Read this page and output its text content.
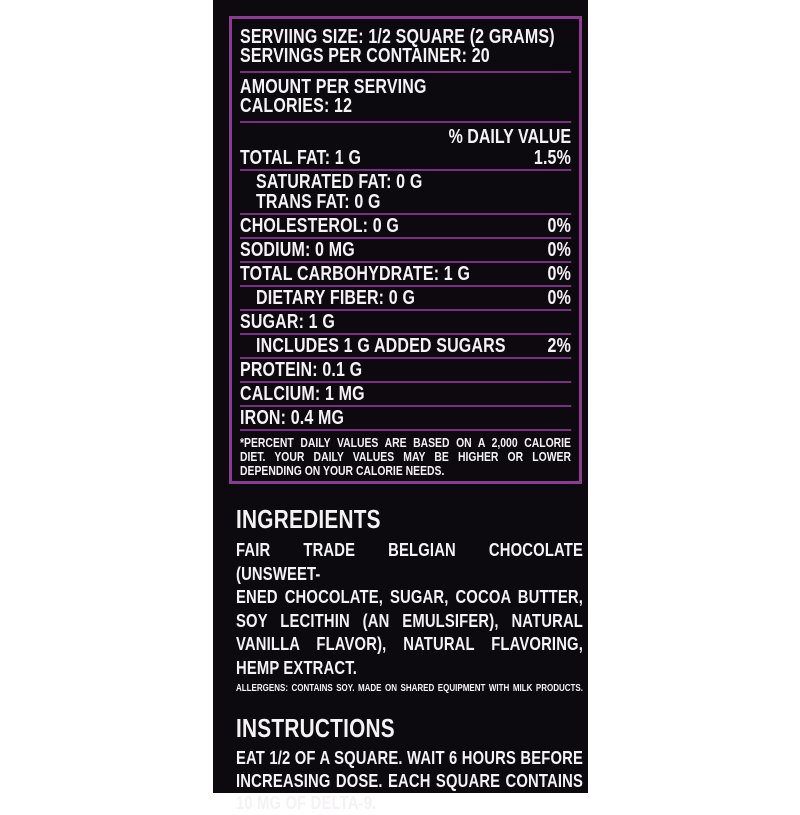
SERVIING SIZE: 1/2 SQUARE (2 GRAMS)
SERVINGS PER CONTAINER: 20
AMOUNT PER SERVING
CALORIES: 12
% DAILY VALUE
TOTAL FAT: 1 G	1.5%
SATURATED FAT: 0 G
TRANS FAT: 0 G
CHOLESTEROL: 0 G	0%
SODIUM: 0 MG	0%
TOTAL CARBOHYDRATE: 1 G	0%
DIETARY FIBER: 0 G	0%
SUGAR: 1 G
INCLUDES 1 G ADDED SUGARS 2%
PROTEIN: 0.1 G
CALCIUM: 1 MG
IRON: 0.4 MG
*PERCENT DAILY VALUES ARE BASED ON A 2,000 CALORIE
DIET. YOUR DAILY VALUES MAY BE HIGHER OR LOWER
DEPENDING ON YOUR CALORIE NEEDS.
INGREDIENTS
FAIR TRADE BELGIAN CHOCOLATE (UNSWEET-
ENED CHOCOLATE, SUGAR, COCOA BUTTER,
SOY LECITHIN (AN EMULSIFER), NATURAL
VANILLA FLAVOR), NATURAL FLAVORING,
HEMP EXTRACT.
ALLERGENS: CONTAINS SOY. MADE ON SHARED EQUIPMENT WITH MILK PRODUCTS.
INSTRUCTIONS
EAT 1/2 OF A SQUARE. WAIT 6 HOURS BEFORE
INCREASING DOSE. EACH SQUARE CONTAINS
10 MG OF DELTA-9.
